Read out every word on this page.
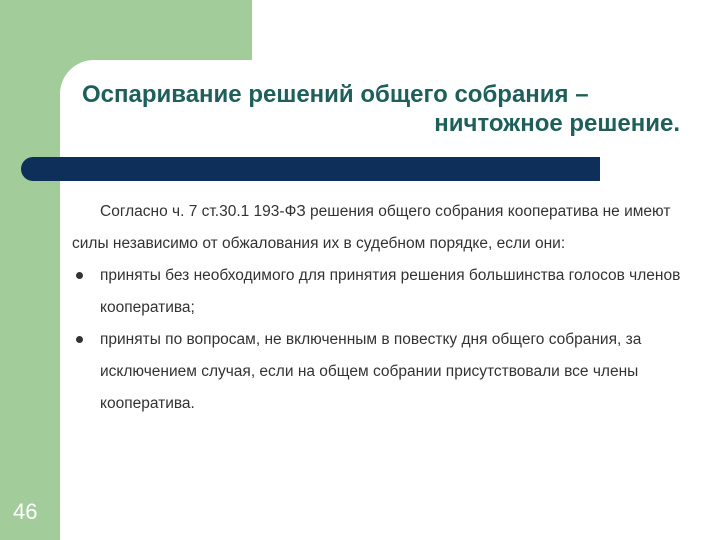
Оспаривание решений общего собрания –
ничтожное решение.

Согласно ч. 7 ст.30.1 193-ФЗ решения общего собрания кооператива не имеют силы независимо от обжалования их в судебном порядке, если они:

приняты без необходимого для принятия решения большинства голосов членов кооператива;
приняты по вопросам, не включенным в повестку дня общего собрания, за исключением случая, если на общем собрании присутствовали все члены кооператива.
46
